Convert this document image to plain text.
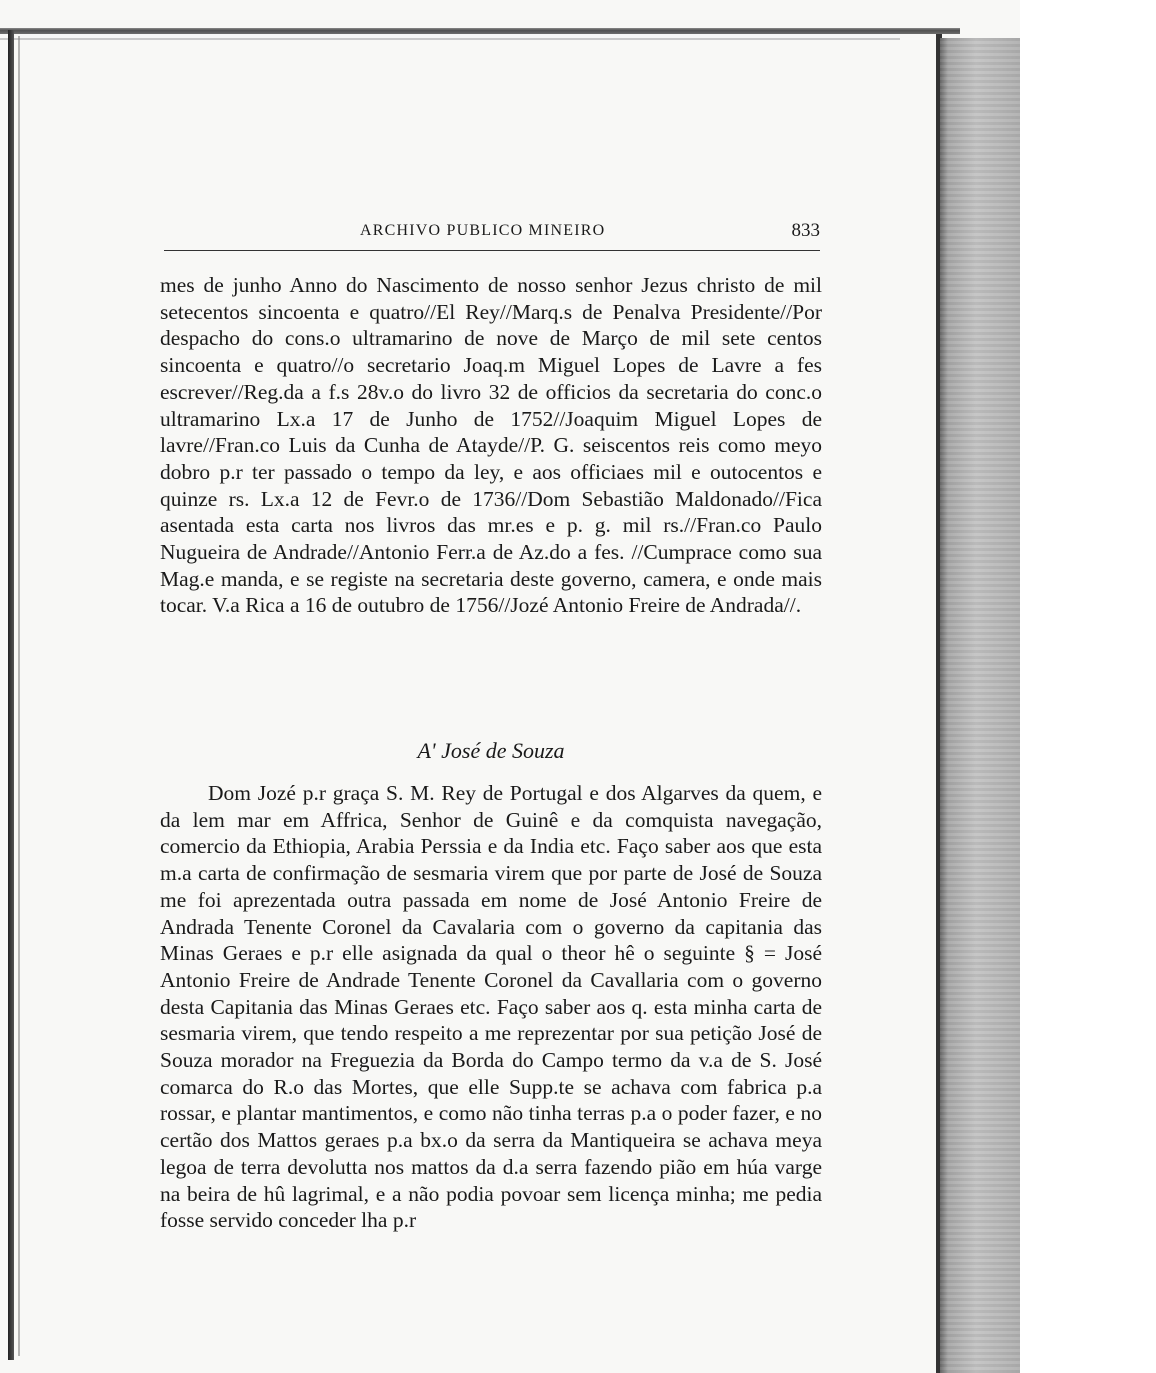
ARCHIVO PUBLICO MINEIRO	833

mes de junho Anno do Nascimento de nosso senhor Jezus christo de mil setecentos sincoenta e quatro//El Rey//Marq.s de Penalva Presidente//Por despacho do cons.o ultramarino de nove de Março de mil sete centos sincoenta e quatro//o secretario Joaq.m Miguel Lopes de Lavre a fes escrever//Reg.da a f.s 28v.o do livro 32 de officios da secretaria do conc.o ultramarino Lx.a 17 de Junho de 1752//Joaquim Miguel Lopes de lavre//Fran.co Luis da Cunha de Atayde//P. G. seiscentos reis como meyo dobro p.r ter passado o tempo da ley, e aos officiaes mil e outocentos e quinze rs. Lx.a 12 de Fevr.o de 1736//Dom Sebastião Maldonado//Fica asentada esta carta nos livros das mr.es e p. g. mil rs.//Fran.co Paulo Nugueira de Andrade//Antonio Ferr.a de Az.do a fes. //Cumprace como sua Mag.e manda, e se registe na secretaria deste governo, camera, e onde mais tocar. V.a Rica a 16 de outubro de 1756//Jozé Antonio Freire de Andrada//.

A' José de Souza

Dom Jozé p.r graça S. M. Rey de Portugal e dos Algarves da quem, e da lem mar em Affrica, Senhor de Guinê e da comquista navegação, comercio da Ethiopia, Arabia Perssia e da India etc. Faço saber aos que esta m.a carta de confirmação de sesmaria virem que por parte de José de Souza me foi aprezentada outra passada em nome de José Antonio Freire de Andrada Tenente Coronel da Cavalaria com o governo da capitania das Minas Geraes e p.r elle asignada da qual o theor hê o seguinte § = José Antonio Freire de Andrade Tenente Coronel da Cavallaria com o governo desta Capitania das Minas Geraes etc. Faço saber aos q. esta minha carta de sesmaria virem, que tendo respeito a me reprezentar por sua petição José de Souza morador na Freguezia da Borda do Campo termo da v.a de S. José comarca do R.o das Mortes, que elle Supp.te se achava com fabrica p.a rossar, e plantar mantimentos, e como não tinha terras p.a o poder fazer, e no certão dos Mattos geraes p.a bx.o da serra da Mantiqueira se achava meya legoa de terra devolutta nos mattos da d.a serra fazendo pião em húa varge na beira de hû lagrimal, e a não podia povoar sem licença minha; me pedia fosse servido conceder lha p.r
